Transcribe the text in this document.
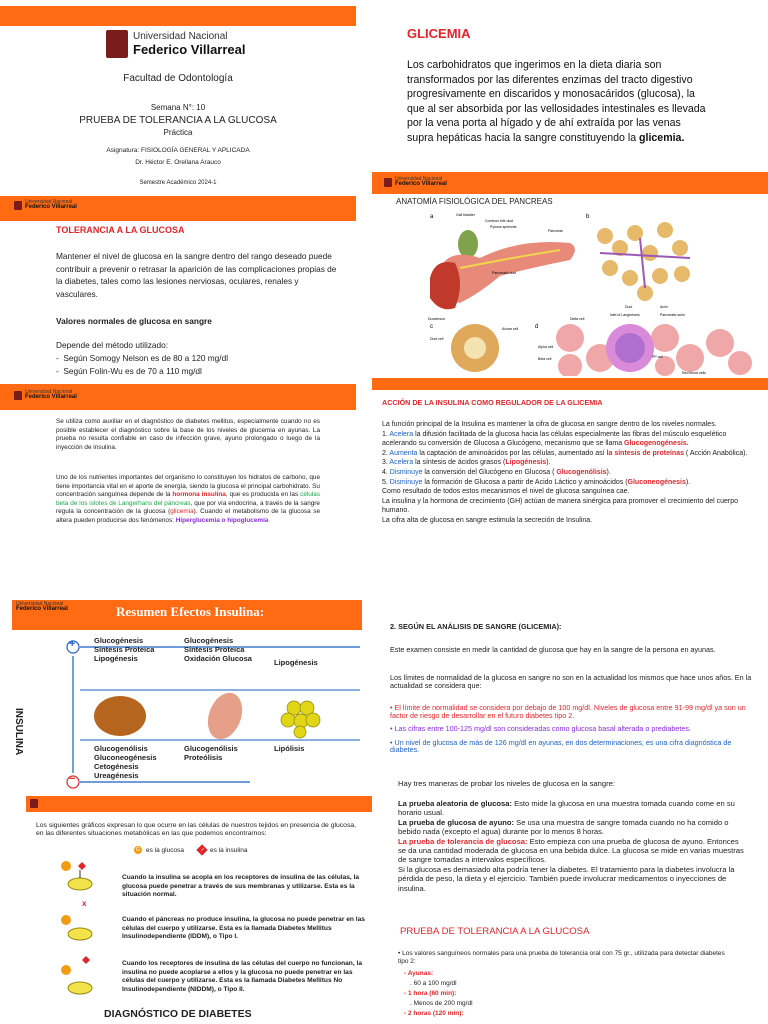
Universidad Nacional
Federico Villarreal
Facultad de Odontología
Semana N°: 10
PRUEBA DE TOLERANCIA A LA GLUCOSA
Práctica
Asignatura: FISIOLOGÍA GENERAL Y APLICADA
Dr. Héctor E. Orellana Arauco
Semestre Académico 2024-1
GLICEMIA
Los carbohidratos que ingerimos en la dieta diaria son transformados por las diferentes enzimas del tracto digestivo progresivamente en discaridos y monosacáridos (glucosa), la que al ser absorbida por las vellosidades intestinales es llevada por la vena porta al hígado y de ahí extraída por las venas supra hepáticas hacia la sangre constituyendo la glicemia.
Universidad Nacional
Federico Villarreal
TOLERANCIA A LA GLUCOSA
Mantener el nivel de glucosa en la sangre dentro del rango deseado puede contribuir a prevenir o retrasar la aparición de las complicaciones propias de la diabetes, tales como las lesiones nerviosas, oculares, renales y vasculares.
Valores normales de glucosa en sangre
Depende del método utilizado:
-  Según Somogy Nelson es de 80 a 120 mg/dl
-  Según Folin-Wu es de 70 a 110 mg/dl
Universidad Nacional
Federico Villarreal
ANATOMÍA FISIOLÓGICA DEL PANCREAS
a	Gall bladder
Common bile duct
Pylorus sphincter
Pancreas
Pancreatic duct
Duodenum
b
Duct	Acini
c	Acinar cell
Duct cell
d
Delta cell
Islet of Langerhans	Pancreatic acini
Alpha cell
Beta cell	PP cell
Red blood cells
Universidad Nacional
Federico Villarreal
Se utiliza como auxiliar en el diagnóstico de diabetes mellitus, especialmente cuando no es posible establecer el diagnóstico sobre la base de los niveles de glucemia en ayunas. La prueba no resulta confiable en caso de infección grave, ayuno prolongado o luego de la inyección de insulina.
Uno de los nutrientes importantes del organismo lo constituyen los hidratos de carbono, que tiene importancia vital en el aporte de energía, siendo la glucosa el principal carbohidrato. Su concentración sanguínea depende de la hormona insulina, que es producida en las células beta de los islotes de Langerhans del páncreas, que por vía endocrina, a través de la sangre regula la concentración de la glucosa (glicemia). Cuando el metabolismo de la glucosa se altera pueden producirse dos fenómenos: Hiperglucemia o hipoglucemia
ACCIÓN DE LA INSULINA COMO REGULADOR DE LA GLICEMIA
La función principal de la Insulina es mantener la cifra de glucosa en sangre dentro de los niveles normales.
1. Acelera la difusión facilitada de la glucosa hacia las células especialmente las fibras del músculo esquelético acelerando su conversión de Glucosa a Glucógeno, mecanismo que se llama Glucogenogénesis.
2. Aumenta la captación de aminoácidos por las células, aumentado así la síntesis de proteínas ( Acción Anabólica).
3. Acelera la síntesis de ácidos grasos (Lipogénesis).
4. Disminuye la conversión del Glucógeno en Glucosa ( Glucogenólisis).
5. Disminuye la formación de Glucosa a partir de Acido Láctico y aminoácidos (Gluconeogénesis).
Como resultado de todos estos mecanismos el nivel de glucosa sanguínea cae.
La insulina y la hormona de crecimiento (GH) actúan de manera sinérgica para promover el crecimiento del cuerpo humano.
La cifra alta de glucosa en sangre estimula la secreción de Insulina.
Universidad Nacional
Federico Villarreal	Resumen Efectos Insulina:
+
−
INSULINA
Glucogénesis
Síntesis Proteica
Lipogénesis
Glucogénesis
Síntesis Proteica
Oxidación Glucosa	Lipogénesis
Glucogenólisis
Gluconeogénesis
Cetogénesis
Ureagénesis
Glucogenólisis
Proteólisis
Lipólisis
2. SEGÚN EL ANÁLISIS DE SANGRE (GLICEMIA):
Este examen consiste en medir la cantidad de glucosa que hay en la sangre de la persona en ayunas.
Los límites de normalidad de la glucosa en sangre no son en la actualidad los mismos que hace unos años. En la actualidad se considera que:
• El límite de normalidad se considera por debajo de 100 mg/dl. Niveles de glucosa entre 91-99 mg/dl ya son un factor de riesgo de desarrollar en el futuro diabetes tipo 2.
• Las cifras entre 100-125 mg/dl son consideradas como glucosa basal alterada o prediabetes.
• Un nivel de glucosa de más de 126 mg/dl en ayunas, en dos determinaciones, es una cifra diagnóstica de diabetes.
Hay tres maneras de probar los niveles de glucosa en la sangre:
La prueba aleatoria de glucosa: Esto mide la glucosa en una muestra tomada cuando come en su horario usual.
La prueba de glucosa de ayuno: Se usa una muestra de sangre tomada cuando no ha comido o bebido nada (excepto el agua) durante por lo menos 8 horas.
La prueba de tolerancia de glucosa: Esto empieza con una prueba de glucosa de ayuno. Entonces se da una cantidad moderada de glucosa en una bebida dulce. La glucosa se mide en varias muestras de sangre tomadas a intervalos específicos.
Si la glucosa es demasiado alta podría tener la diabetes. El tratamiento para la diabetes involucra la pérdida de peso, la dieta y el ejercicio. También puede involucrar medicamentos o inyecciones de insulina.
Los siguientes gráficos expresan lo que ocurre en las células de nuestros tejidos en presencia de glucosa, en las diferentes situaciones metabólicas en las que podemos encontrarnos:
G es la glucosa	I es la insulina
x
Cuando la insulina se acopla en los receptores de insulina de las células, la glucosa puede penetrar a través de sus membranas y utilizarse. Esta es la situación normal.
Cuando el páncreas no produce insulina, la glucosa no puede penetrar en las células del cuerpo y utilizarse. Esta es la llamada Diabetes Mellitus Insulinodependiente (IDDM), o Tipo I.
Cuando los receptores de insulina de las células del cuerpo no funcionan, la insulina no puede acoplarse a ellos y la glucosa no puede penetrar en las células del cuerpo y utilizarse. Esta es la llamada Diabetes Mellitus No Insulinodependiente (NIDDM), o Tipo II.
DIAGNÓSTICO DE DIABETES
PRUEBA DE TOLERANCIA A LA GLUCOSA
• Los valores sanguíneos normales para una prueba de tolerancia oral con 75 gr., utilizada para detectar diabetes tipo 2:
- Ayunas:
. 60 a 100 mg/dl
- 1 hora (60 min):
. Menos de 200 mg/dl
- 2 horas (120 min):
